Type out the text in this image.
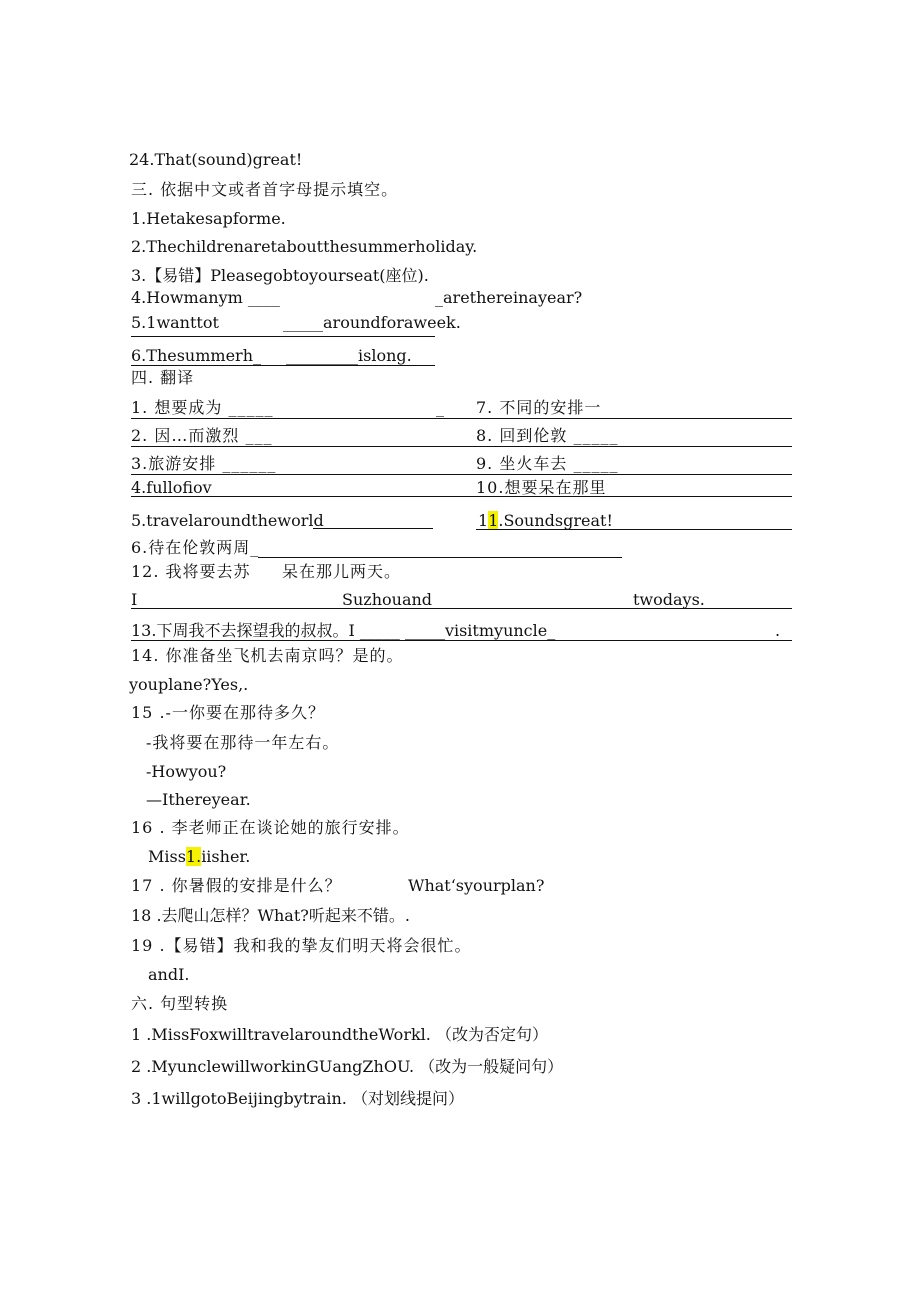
24.That(sound)great!
三. 依据中文或者首字母提示填空。
1.Hetakesapforme.
2.Thechildrenaretaboutthesummerholiday.
3.【易错】Pleasegobtoyourseat(座位).
4.Howmanym ____	_arethereinayear?
5.1wanttot	_____aroundforaweek.
6.Thesummerh_ _________islong.
四. 翻译
1. 想要成为 _____	_ 7. 不同的安排一
2. 因…而激烈 ___	8. 回到伦敦 _____
3.旅游安排 ______	9. 坐火车去 _____
4.fullofiov	10.想要呆在那里
5.travelaroundtheworld	11.Soundsgreat! _
6.待在伦敦两周_
12. 我将要去苏 呆在那儿两天。
I	Suzhouand	twodays.
13.下周我不去探望我的叔叔。I _____ _____visitmyuncle_	.
14. 你准备坐飞机去南京吗？是的。
youplane?Yes,.
15 .-一你要在那待多久？
-我将要在那待一年左右。
-Howyou?
—Ithereyear.
16 . 李老师正在谈论她的旅行安排。
Miss1.iisher.
17 . 你暑假的安排是什么？	Whatʻsyourplan?
18 .去爬山怎样？What?听起来不错。.
19 .【易错】我和我的挚友们明天将会很忙。
andI.
六. 句型转换
1 .MissFoxwilltravelaroundtheWorkl. （改为否定句）
2 .MyunclewillworkinGUangZhOU. （改为一般疑问句）
3 .1willgotoBeijingbytrain. （对划线提问）
